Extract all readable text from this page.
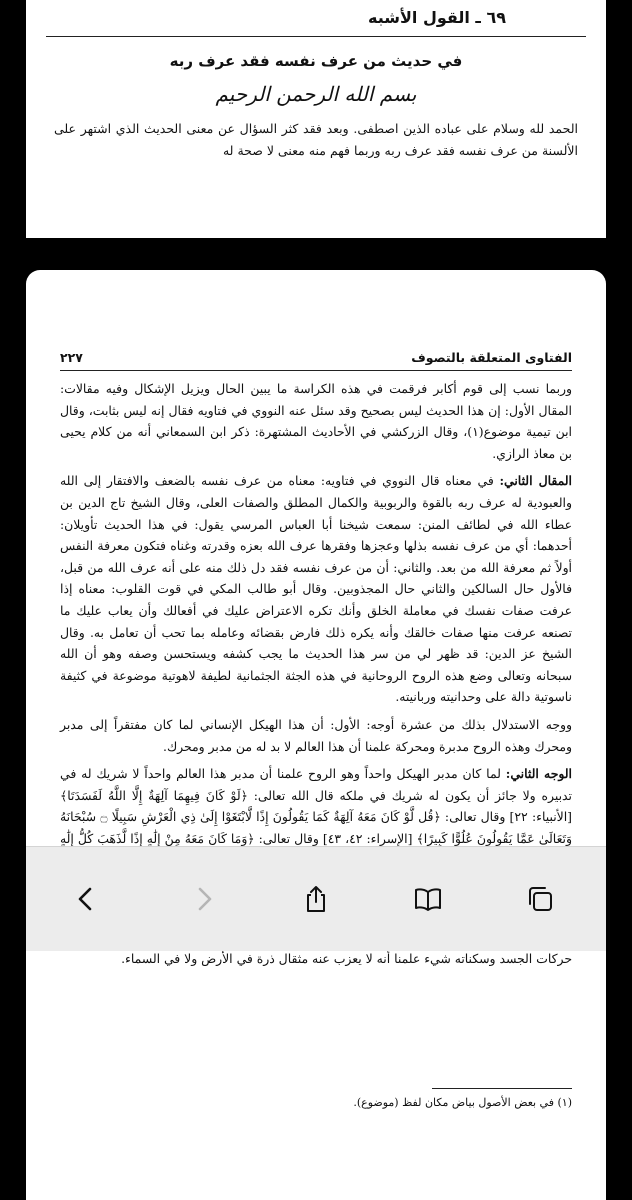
٦٩ ـ القول الأشبه
في حديث من عرف نفسه فقد عرف ربه
بسم الله الرحمن الرحيم
الحمد لله وسلام على عباده الذين اصطفى. وبعد فقد كثر السؤال عن معنى الحديث الذي اشتهر على الألسنة من عرف نفسه فقد عرف ربه وربما فهم منه معنى لا صحة له
الفتاوى المتعلقة بالتصوف
٢٢٧

وربما نسب إلى قوم أكابر فرقمت في هذه الكراسة ما يبين الحال ويزيل الإشكال وفيه مقالات: المقال الأول: إن هذا الحديث ليس بصحيح وقد سئل عنه النووي في فتاويه فقال إنه ليس بثابت، وقال ابن تيمية موضوع(١)، وقال الزركشي في الأحاديث المشتهرة: ذكر ابن السمعاني أنه من كلام يحيى بن معاذ الرازي.

المقال الثاني: في معناه قال النووي في فتاويه: معناه من عرف نفسه بالضعف والافتقار إلى الله والعبودية له عرف ربه بالقوة والربوبية والكمال المطلق والصفات العلى، وقال الشيخ تاج الدين بن عطاء الله في لطائف المنن: سمعت شيخنا أبا العباس المرسي يقول: في هذا الحديث تأويلان: أحدهما: أي من عرف نفسه بذلها وعجزها وفقرها عرف الله بعزه وقدرته وغناه فتكون معرفة النفس أولاً ثم معرفة الله من بعد. والثاني: أن من عرف نفسه فقد دل ذلك منه على أنه عرف الله من قبل، فالأول حال السالكين والثاني حال المجذوبين. وقال أبو طالب المكي في قوت القلوب: معناه إذا عرفت صفات نفسك في معاملة الخلق وأنك تكره الاعتراض عليك في أفعالك وأن يعاب عليك ما تصنعه عرفت منها صفات خالقك وأنه يكره ذلك فارض بقضائه وعامله بما تحب أن تعامل به. وقال الشيخ عز الدين: قد ظهر لي من سر هذا الحديث ما يجب كشفه ويستحسن وصفه وهو أن الله سبحانه وتعالى وضع هذه الروح الروحانية في هذه الجثة الجثمانية لطيفة لاهوتية موضوعة في كثيفة ناسوتية دالة على وحدانيته وربانيته.

ووجه الاستدلال بذلك من عشرة أوجه: الأول: أن هذا الهيكل الإنساني لما كان مفتقراً إلى مدبر ومحرك وهذه الروح مدبرة ومحركة علمنا أن هذا العالم لا بد له من مدبر ومحرك.

الوجه الثاني: لما كان مدبر الهيكل واحداً وهو الروح علمنا أن مدبر هذا العالم واحداً لا شريك له في تدبيره ولا جائز أن يكون له شريك في ملكه قال الله تعالى: ﴿لَوْ كَانَ فِيهِمَا آلِهَةٌ إِلَّا اللَّهُ لَفَسَدَتَا﴾ [الأنبياء: ٢٢] وقال تعالى: ﴿قُل لَّوْ كَانَ مَعَهُ آلِهَةٌ كَمَا يَقُولُونَ إِذًا لَّابْتَغَوْا إِلَىٰ ذِي الْعَرْشِ سَبِيلًا ۝ سُبْحَانَهُ وَتَعَالَىٰ عَمَّا يَقُولُونَ عُلُوًّا كَبِيرًا﴾ [الإسراء: ٤٢، ٤٣] وقال تعالى: ﴿وَمَا كَانَ مَعَهُ مِنْ إِلَٰهٍ إِذًا لَّذَهَبَ كُلُّ إِلَٰهٍ

حركات الجسد وسكناته شيء علمنا أنه لا يعزب عنه مثقال ذرة في الأرض ولا في السماء.

(١) في بعض الأصول بياض مكان لفظ (موضوع).
